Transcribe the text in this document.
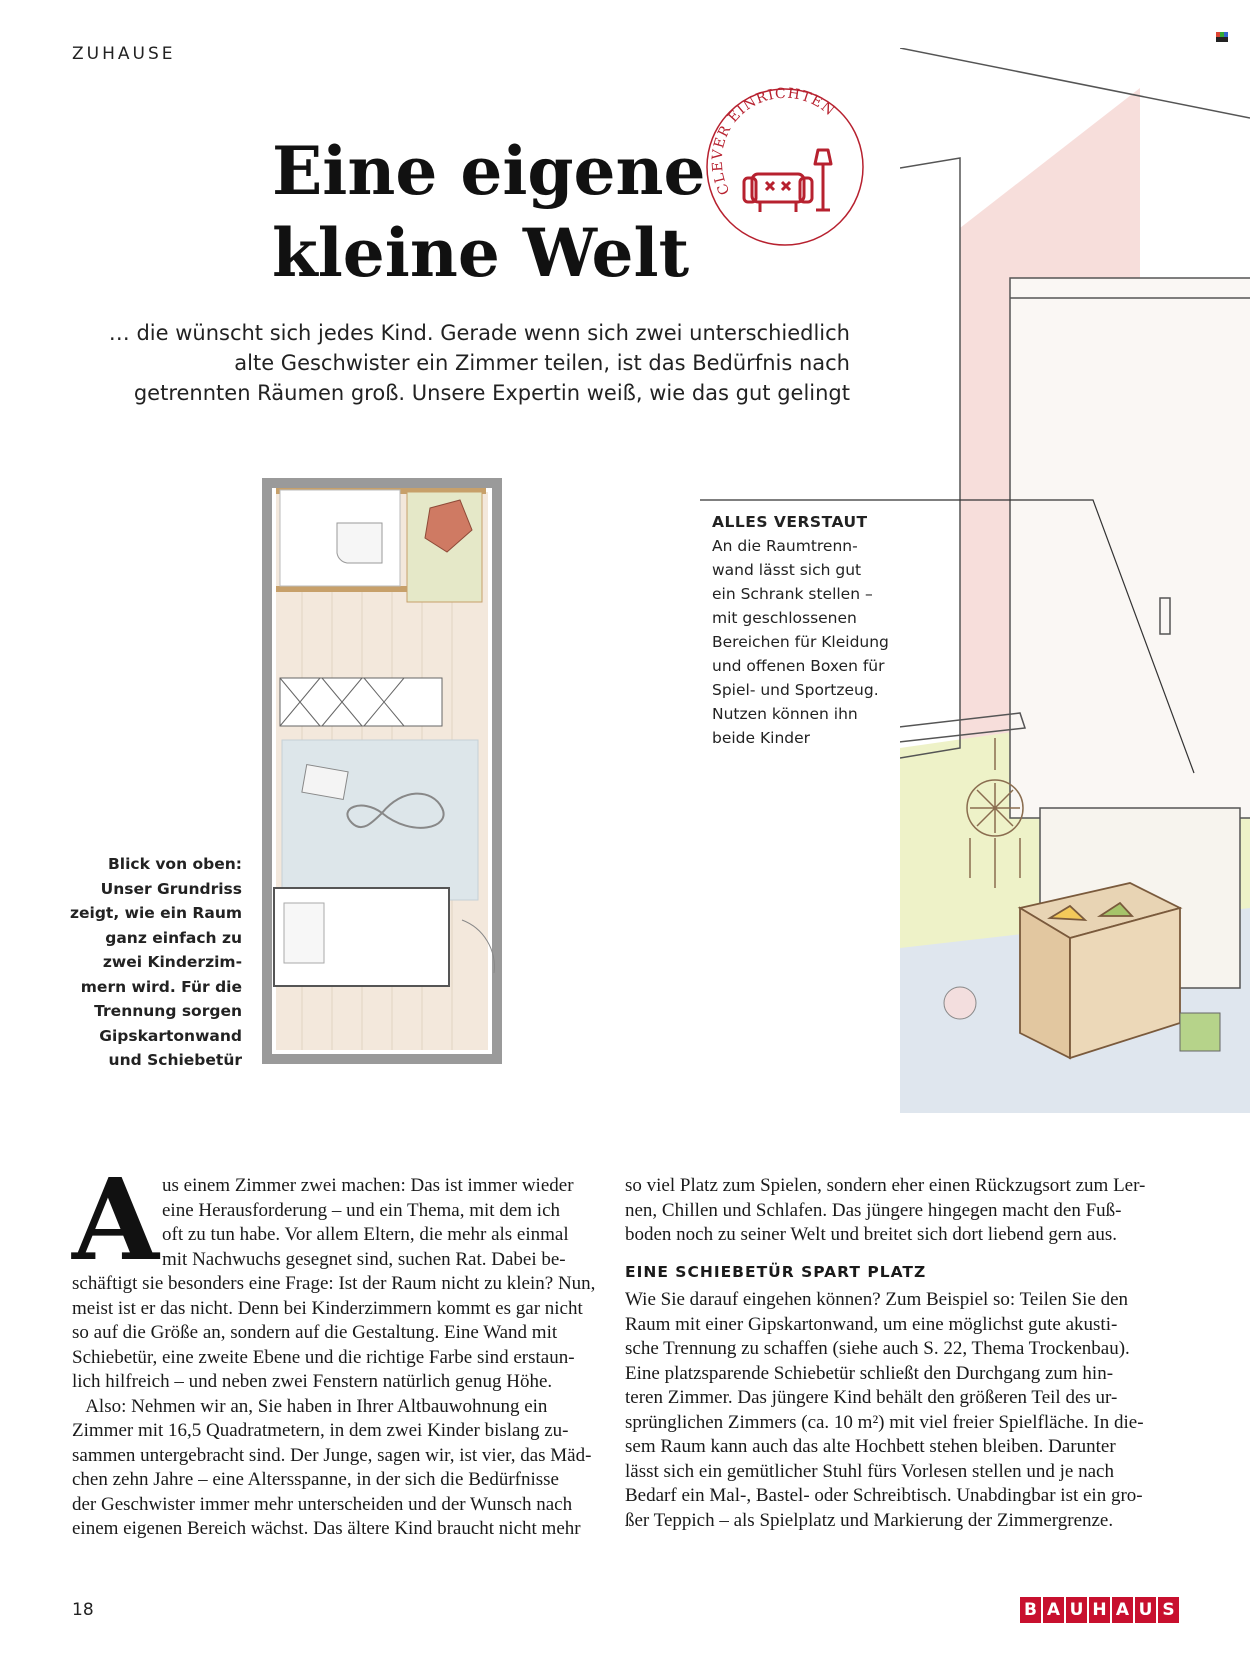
ZUHAUSE
Eine eigene
kleine Welt
CLEVER EINRICHTEN
… die wünscht sich jedes Kind. Gerade wenn sich zwei unterschiedlich
alte Geschwister ein Zimmer teilen, ist das Bedürfnis nach
getrennten Räumen groß. Unsere Expertin weiß, wie das gut gelingt
ALLES VERSTAUT
An die Raumtrenn-
wand lässt sich gut
ein Schrank stellen –
mit geschlossenen
Bereichen für Kleidung
und offenen Boxen für
Spiel- und Sportzeug.
Nutzen können ihn
beide Kinder
Blick von oben:
Unser Grundriss
zeigt, wie ein Raum
ganz einfach zu
zwei Kinderzim-
mern wird. Für die
Trennung sorgen
Gipskartonwand
und Schiebetür
A us einem Zimmer zwei machen: Das ist immer wieder
eine Herausforderung – und ein Thema, mit dem ich
oft zu tun habe. Vor allem Eltern, die mehr als einmal
mit Nachwuchs gesegnet sind, suchen Rat. Dabei be-
schäftigt sie besonders eine Frage: Ist der Raum nicht zu klein? Nun,
meist ist er das nicht. Denn bei Kinderzimmern kommt es gar nicht
so auf die Größe an, sondern auf die Gestaltung. Eine Wand mit
Schiebetür, eine zweite Ebene und die richtige Farbe sind erstaun-
lich hilfreich – und neben zwei Fenstern natürlich genug Höhe.
Also: Nehmen wir an, Sie haben in Ihrer Altbauwohnung ein
Zimmer mit 16,5 Quadratmetern, in dem zwei Kinder bislang zu-
sammen untergebracht sind. Der Junge, sagen wir, ist vier, das Mäd-
chen zehn Jahre – eine Altersspanne, in der sich die Bedürfnisse
der Geschwister immer mehr unterscheiden und der Wunsch nach
einem eigenen Bereich wächst. Das ältere Kind braucht nicht mehr
so viel Platz zum Spielen, sondern eher einen Rückzugsort zum Ler-
nen, Chillen und Schlafen. Das jüngere hingegen macht den Fuß-
boden noch zu seiner Welt und breitet sich dort liebend gern aus.
EINE SCHIEBETÜR SPART PLATZ
Wie Sie darauf eingehen können? Zum Beispiel so: Teilen Sie den
Raum mit einer Gipskartonwand, um eine möglichst gute akusti-
sche Trennung zu schaffen (siehe auch S. 22, Thema Trockenbau).
Eine platzsparende Schiebetür schließt den Durchgang zum hin-
teren Zimmer. Das jüngere Kind behält den größeren Teil des ur-
sprünglichen Zimmers (ca. 10 m²) mit viel freier Spielfläche. In die-
sem Raum kann auch das alte Hochbett stehen bleiben. Darunter
lässt sich ein gemütlicher Stuhl fürs Vorlesen stellen und je nach
Bedarf ein Mal-, Bastel- oder Schreibtisch. Unabdingbar ist ein gro-
ßer Teppich – als Spielplatz und Markierung der Zimmergrenze.
18	B A U H A U S
